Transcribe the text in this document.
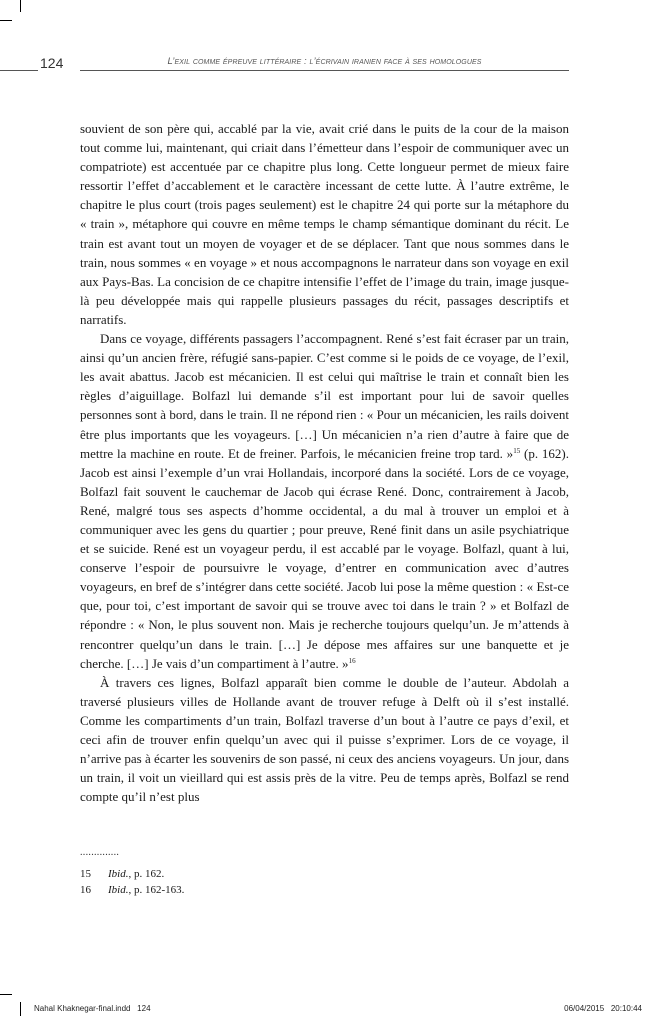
124	L’exil comme épreuve littéraire : l’écrivain iranien face à ses homologues

souvient de son père qui, accablé par la vie, avait crié dans le puits de la cour de la maison tout comme lui, maintenant, qui criait dans l’émetteur dans l’espoir de communiquer avec un compatriote) est accentuée par ce chapitre plus long. Cette longueur permet de mieux faire ressortir l’effet d’accablement et le caractère incessant de cette lutte. À l’autre extrême, le chapitre le plus court (trois pages seulement) est le chapitre 24 qui porte sur la métaphore du « train », métaphore qui couvre en même temps le champ sémantique dominant du récit. Le train est avant tout un moyen de voyager et de se déplacer. Tant que nous sommes dans le train, nous sommes « en voyage » et nous accompagnons le narrateur dans son voyage en exil aux Pays-Bas. La concision de ce chapitre intensifie l’effet de l’image du train, image jusque-là peu développée mais qui rappelle plusieurs passages du récit, passages descriptifs et narratifs.

Dans ce voyage, différents passagers l’accompagnent. René s’est fait écraser par un train, ainsi qu’un ancien frère, réfugié sans-papier. C’est comme si le poids de ce voyage, de l’exil, les avait abattus. Jacob est mécanicien. Il est celui qui maîtrise le train et connaît bien les règles d’aiguillage. Bolfazl lui demande s’il est important pour lui de savoir quelles personnes sont à bord, dans le train. Il ne répond rien : « Pour un mécanicien, les rails doivent être plus importants que les voyageurs. […] Un mécanicien n’a rien d’autre à faire que de mettre la machine en route. Et de freiner. Parfois, le mécanicien freine trop tard. »$^{15}$ (p. 162). Jacob est ainsi l’exemple d’un vrai Hollandais, incorporé dans la société. Lors de ce voyage, Bolfazl fait souvent le cauchemar de Jacob qui écrase René. Donc, contrairement à Jacob, René, malgré tous ses aspects d’homme occidental, a du mal à trouver un emploi et à communiquer avec les gens du quartier ; pour preuve, René finit dans un asile psychiatrique et se suicide. René est un voyageur perdu, il est accablé par le voyage. Bolfazl, quant à lui, conserve l’espoir de poursuivre le voyage, d’entrer en communication avec d’autres voyageurs, en bref de s’intégrer dans cette société. Jacob lui pose la même question : « Est-ce que, pour toi, c’est important de savoir qui se trouve avec toi dans le train ? » et Bolfazl de répondre : « Non, le plus souvent non. Mais je recherche toujours quelqu’un. Je m’attends à rencontrer quelqu’un dans le train. […] Je dépose mes affaires sur une banquette et je cherche. […] Je vais d’un compartiment à l’autre. »$^{16}$

À travers ces lignes, Bolfazl apparaît bien comme le double de l’auteur. Abdolah a traversé plusieurs villes de Hollande avant de trouver refuge à Delft où il s’est installé. Comme les compartiments d’un train, Bolfazl traverse d’un bout à l’autre ce pays d’exil, et ceci afin de trouver enfin quelqu’un avec qui il puisse s’exprimer. Lors de ce voyage, il n’arrive pas à écarter les souvenirs de son passé, ni ceux des anciens voyageurs. Un jour, dans un train, il voit un vieillard qui est assis près de la vitre. Peu de temps après, Bolfazl se rend compte qu’il n’est plus

..............
15	Ibid., p. 162.
16	Ibid., p. 162-163.
Nahal Khaknegar-final.indd   124	06/04/2015   20:10:44
